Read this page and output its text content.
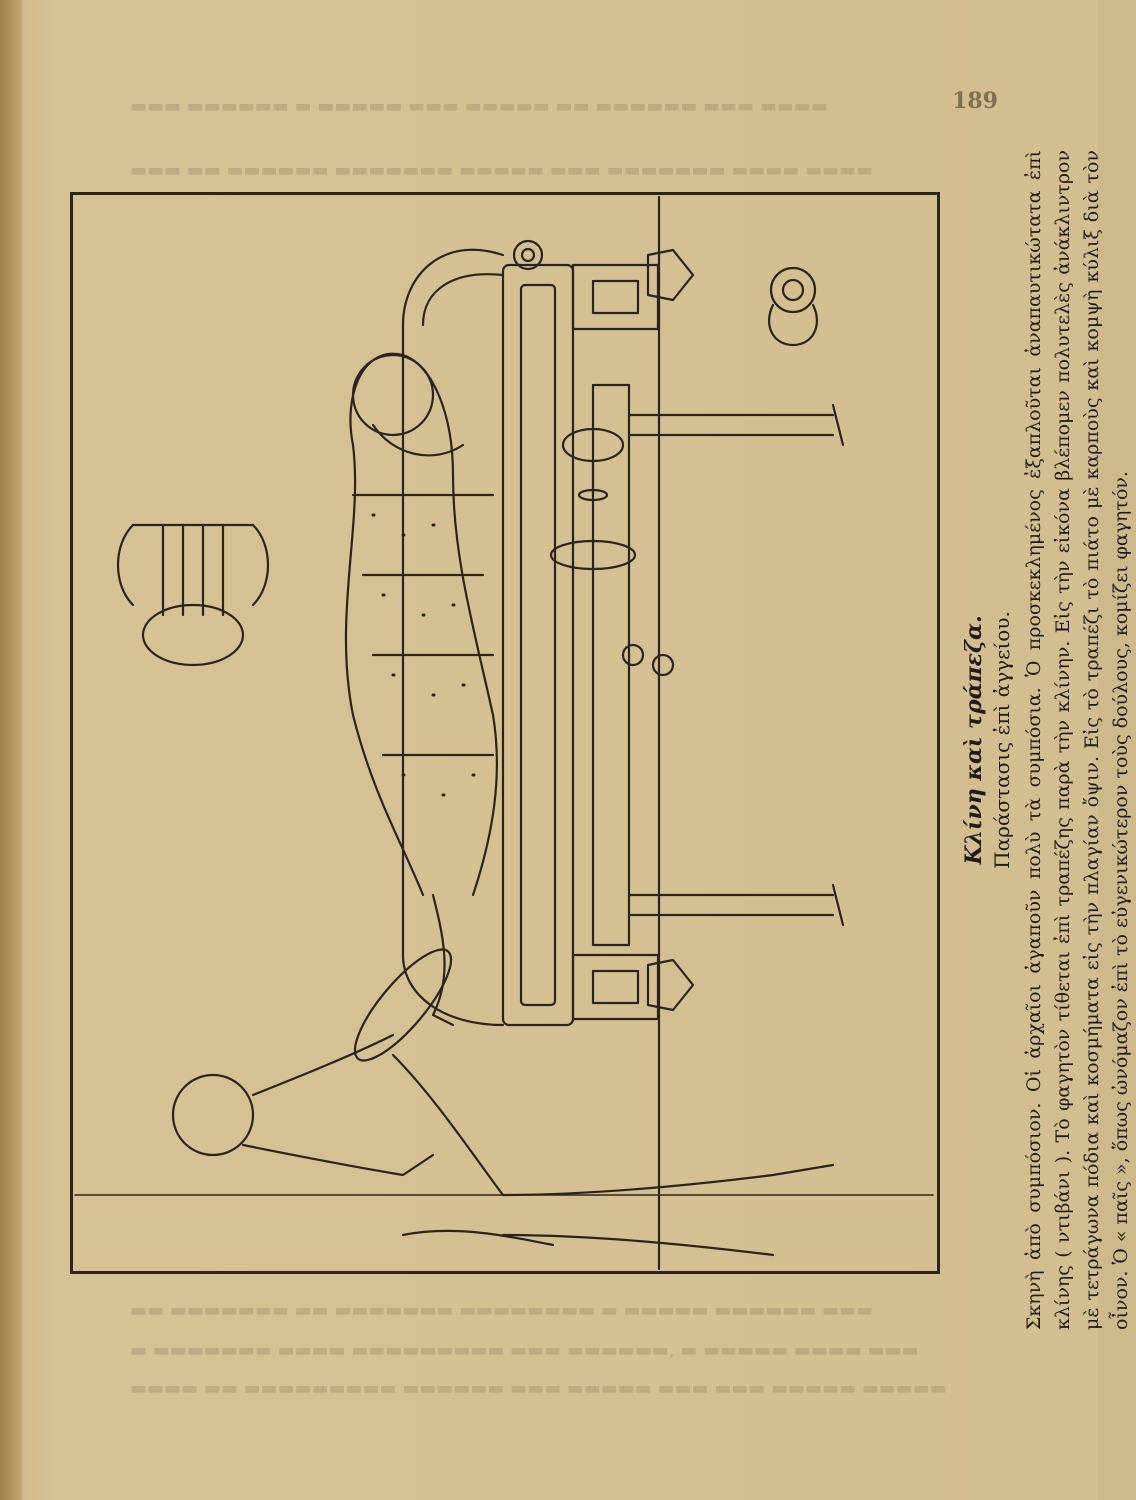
▬▬▬ ▬▬▬▬▬▬ ▬ ▬▬▬▬▬ ▬▬▬ ▬▬▬▬▬ ▬▬ ▬▬▬▬▬▬ ▬▬▬ ▬▬▬▬
▬▬▬ ▬▬ ▬▬▬▬▬▬ ▬▬▬▬▬▬▬ ▬▬▬▬▬ ▬▬▬ ▬▬▬▬▬▬▬ ▬▬▬▬ ▬▬▬▬
▬▬ ▬▬▬▬▬▬▬ ▬▬ ▬▬▬▬▬▬▬ ▬▬▬▬▬▬▬▬ ▬ ▬▬▬▬▬ ▬▬▬▬▬▬ ▬▬▬
▬ ▬▬▬▬▬▬▬ ▬▬▬▬ ▬▬▬▬▬▬▬▬▬ ▬▬▬ ▬▬▬▬▬▬, ▬ ▬▬▬▬▬ ▬▬▬▬ ▬▬▬
▬▬▬▬ ▬▬ ▬▬▬▬▬▬▬▬▬ ▬▬▬▬▬▬ ▬▬▬ ▬▬▬▬▬ ▬▬▬ ▬▬▬ ▬▬▬▬▬ ▬▬▬▬▬
189
Κλίνη καὶ τράπεζα. Παράστασις ἐπὶ ἀγγείου. Σκηνὴ ἀπὸ συμπόσιον. Οἱ ἀρχαῖοι ἀγαποῦν πολὺ τὰ συμπόσια. Ὁ προσκεκλημένος ἐξαπλοῦται ἀναπαυτικώτατα ἐπὶ κλίνης ( ντιβάνι ). Τὸ φαγητὸν τίθεται ἐπὶ τραπέζης παρὰ τὴν κλίνην. Εἰς τὴν εἰκόνα βλέπομεν πολυτελὲς ἀνάκλιντρον μὲ τετράγωνα πόδια καὶ κοσμήματα εἰς τὴν πλαγίαν ὄψιν. Εἰς τὸ τραπέζι τὸ πιάτο μὲ καρποὺς καὶ κομψὴ κύλιξ διὰ τὸν οἶνον. Ὁ « παῖς », ὅπως ὠνόμαζον ἐπὶ τὸ εὐγενικώτερον τοὺς δούλους, κομίζει φαγητόν.
